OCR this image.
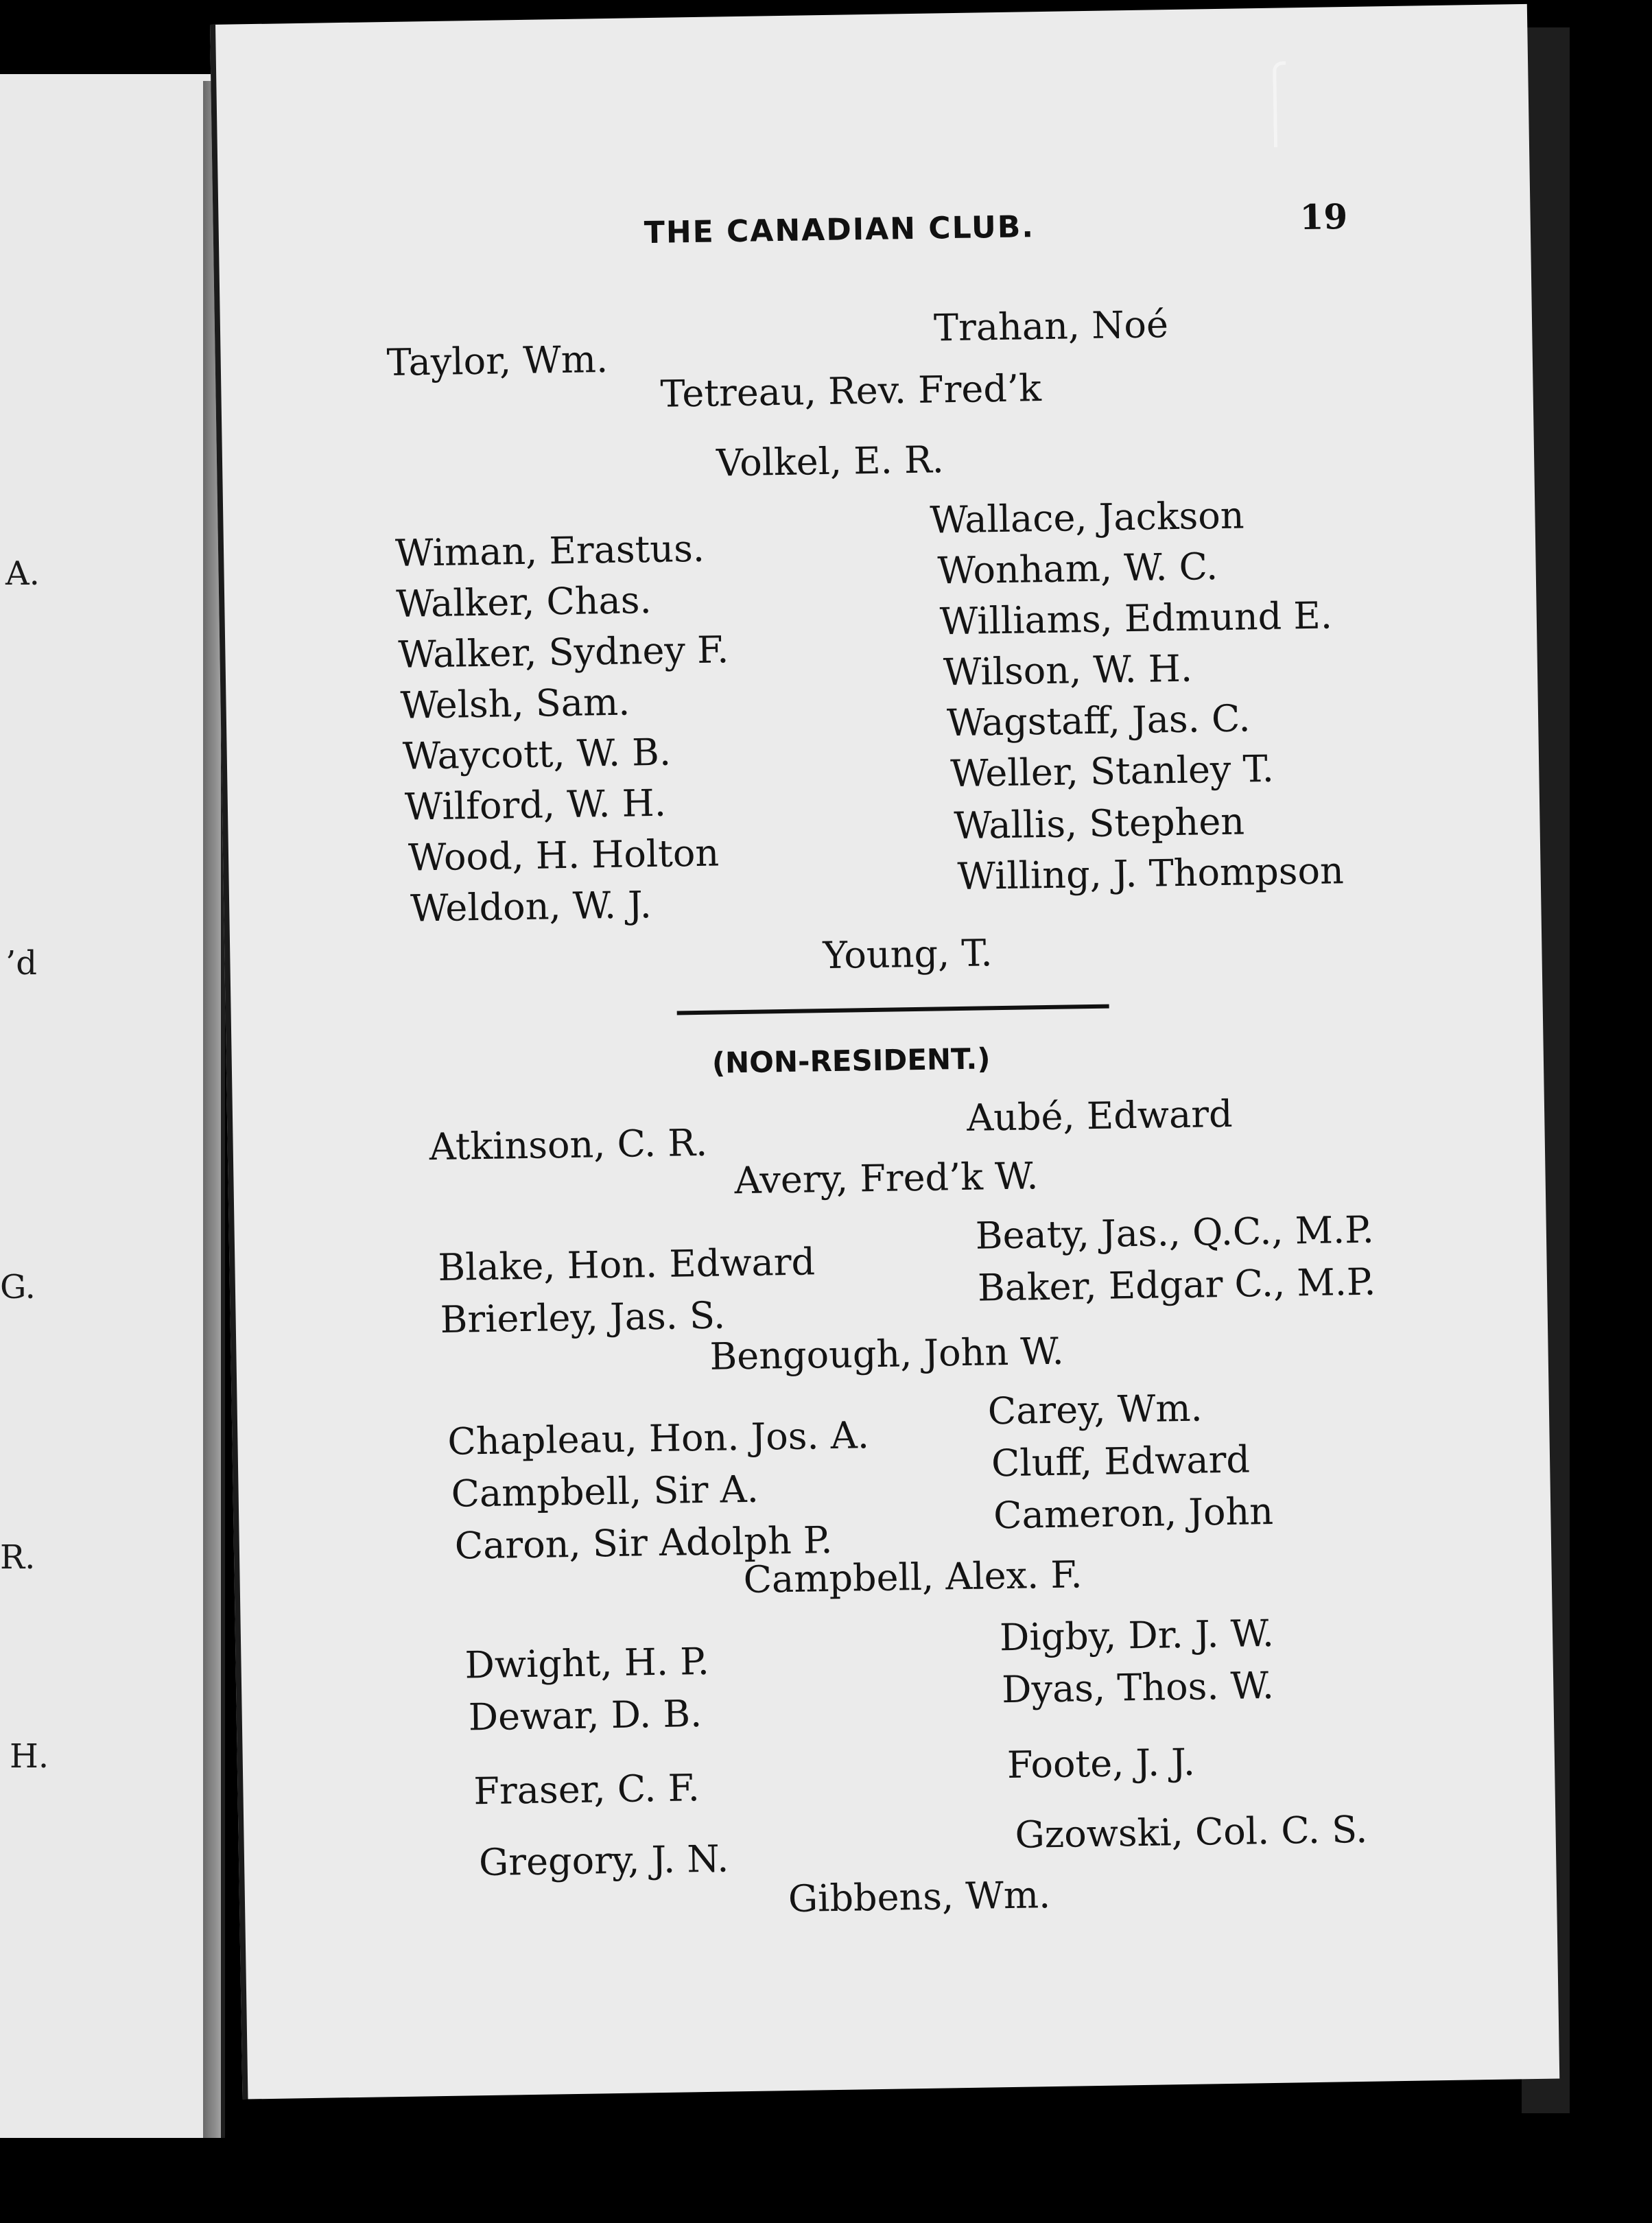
A.
’d
G.
R.
H.
THE CANADIAN CLUB.	19
Taylor, Wm.
Trahan, Noé
Tetreau, Rev. Fred’k
Volkel, E. R.
Wiman, Erastus.
Wallace, Jackson
Walker, Chas.
Wonham, W. C.
Walker, Sydney F.
Williams, Edmund E.
Welsh, Sam.
Wilson, W. H.
Waycott, W. B.
Wagstaff, Jas. C.
Wilford, W. H.
Weller, Stanley T.
Wood, H. Holton
Wallis, Stephen
Weldon, W. J.
Willing, J. Thompson
Young, T.
(NON-RESIDENT.)
Atkinson, C. R.
Aubé, Edward
Avery, Fred’k W.
Blake, Hon. Edward
Beaty, Jas., Q.C., M.P.
Brierley, Jas. S.
Baker, Edgar C., M.P.
Bengough, John W.
Chapleau, Hon. Jos. A.
Carey, Wm.
Campbell, Sir A.
Cluff, Edward
Caron, Sir Adolph P.
Cameron, John
Campbell, Alex. F.
Dwight, H. P.
Digby, Dr. J. W.
Dewar, D. B.
Dyas, Thos. W.
Fraser, C. F.
Foote, J. J.
Gregory, J. N.
Gzowski, Col. C. S.
Gibbens, Wm.
